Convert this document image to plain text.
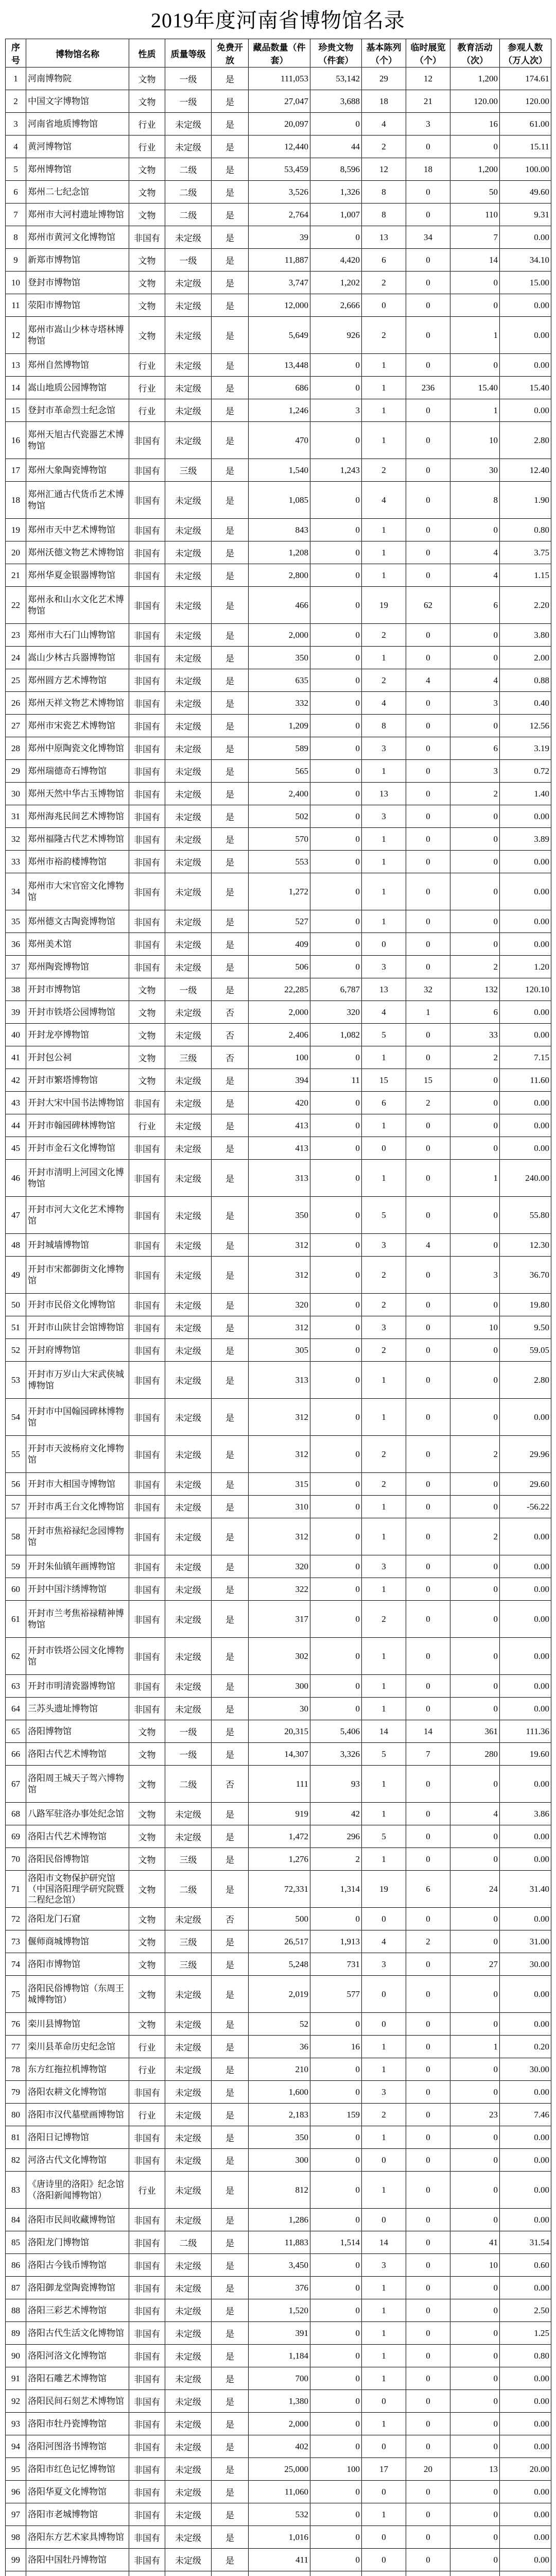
2019年度河南省博物馆名录
序号	博物馆名称	性质	质量等级	免费开放	藏品数量（件套）	珍贵文物（件套）	基本陈列（个）	临时展览（个）	教育活动（次）	参观人数（万人次）
1	河南博物院	文物	一级	是	111,053	53,142	29	12	1,200	174.61
2	中国文字博物馆	文物	一级	是	27,047	3,688	18	21	120.00	120.00
3	河南省地质博物馆	行业	未定级	是	20,097	0	4	3	16	61.00
4	黄河博物馆	行业	未定级	是	12,440	44	2	0	0	15.11
5	郑州博物馆	文物	二级	是	53,459	8,596	12	18	1,200	100.00
6	郑州二七纪念馆	文物	二级	是	3,526	1,326	8	0	50	49.60
7	郑州市大河村遗址博物馆	文物	二级	是	2,764	1,007	8	0	110	9.31
8	郑州市黄河文化博物馆	非国有	未定级	是	39	0	13	34	7	0.00
9	新郑市博物馆	文物	一级	是	11,887	4,420	6	0	14	34.10
10	登封市博物馆	文物	未定级	是	3,747	1,202	2	0	0	15.00
11	荥阳市博物馆	文物	未定级	是	12,000	2,666	0	0	0	0.00
12	郑州市嵩山少林寺塔林博物馆	文物	未定级	是	5,649	926	2	0	1	0.00
13	郑州自然博物馆	行业	未定级	是	13,448	0	1	0	0	0.00
14	嵩山地质公园博物馆	行业	未定级	是	686	0	1	236	15.40	15.40
15	登封市革命烈士纪念馆	行业	未定级	是	1,246	3	1	0	1	0.00
16	郑州天旭古代瓷器艺术博物馆	非国有	未定级	是	470	0	1	0	10	2.80
17	郑州大象陶瓷博物馆	非国有	三级	是	1,540	1,243	2	0	30	12.40
18	郑州汇通古代货币艺术博物馆	非国有	未定级	是	1,085	0	4	0	8	1.90
19	郑州市天中艺术博物馆	非国有	未定级	是	843	0	1	0	0	0.80
20	郑州沃德文物艺术博物馆	非国有	未定级	是	1,208	0	1	0	4	3.75
21	郑州华夏金银器博物馆	非国有	未定级	是	2,800	0	1	0	4	1.15
22	郑州永和山水文化艺术博物馆	非国有	未定级	是	466	0	19	62	6	2.20
23	郑州市大石门山博物馆	非国有	未定级	是	2,000	0	2	0	0	3.80
24	嵩山少林古兵器博物馆	非国有	未定级	是	350	0	1	0	0	2.00
25	郑州圆方艺术博物馆	非国有	未定级	是	635	0	2	4	4	0.88
26	郑州天祥文物艺术博物馆	非国有	未定级	是	332	0	4	0	3	0.40
27	郑州市宋瓷艺术博物馆	非国有	未定级	是	1,209	0	8	0	0	12.56
28	郑州中原陶瓷文化博物馆	非国有	未定级	是	589	0	3	0	6	3.19
29	郑州瑞德奇石博物馆	非国有	未定级	是	565	0	1	0	3	0.72
30	郑州天然中华古玉博物馆	非国有	未定级	是	2,400	0	13	0	2	1.40
31	郑州海兆民间艺术博物馆	非国有	未定级	是	502	0	3	0	0	0.00
32	郑州福隆古代艺术博物馆	非国有	未定级	是	570	0	1	0	0	3.89
33	郑州市裕韵楼博物馆	非国有	未定级	是	553	0	1	0	0	0.00
34	郑州市大宋官窑文化博物馆	非国有	未定级	是	1,272	0	1	0	0	0.00
35	郑州德文古陶瓷博物馆	非国有	未定级	是	527	0	1	0	0	0.00
36	郑州美术馆	非国有	未定级	是	409	0	0	0	0	0.00
37	郑州陶瓷博物馆	非国有	未定级	是	506	0	3	0	2	1.20
38	开封市博物馆	文物	一级	是	22,285	6,787	13	32	132	120.10
39	开封市铁塔公园博物馆	文物	未定级	否	2,000	320	4	1	6	0.00
40	开封龙亭博物馆	文物	未定级	否	2,406	1,082	5	0	33	0.00
41	开封包公祠	文物	三级	否	100	0	1	0	2	7.15
42	开封市繁塔博物馆	文物	未定级	是	394	11	15	15	0	11.60
43	开封大宋中国书法博物馆	非国有	未定级	是	420	0	6	2	0	0.00
44	开封市翰园碑林博物馆	行业	未定级	是	413	0	1	0	0	0.00
45	开封市金石文化博物馆	非国有	未定级	是	413	0	0	0	0	0.00
46	开封市清明上河园文化博物馆	非国有	未定级	是	313	0	1	0	1	240.00
47	开封市河大文化艺术博物馆	非国有	未定级	是	350	0	5	0	0	55.80
48	开封城墙博物馆	非国有	未定级	是	312	0	3	4	0	12.30
49	开封市宋都御街文化博物馆	非国有	未定级	是	312	0	2	0	3	36.70
50	开封市民俗文化博物馆	非国有	未定级	是	320	0	2	0	0	19.80
51	开封市山陕甘会馆博物馆	非国有	未定级	是	312	0	3	0	10	9.50
52	开封府博物馆	非国有	未定级	是	305	0	2	0	0	59.05
53	开封市万岁山大宋武侠城博物馆	非国有	未定级	是	313	0	1	0	0	2.80
54	开封市中国翰园碑林博物馆	非国有	未定级	是	312	0	1	0	0	0.00
55	开封市天波杨府文化博物馆	非国有	未定级	是	312	0	2	0	2	29.96
56	开封市大相国寺博物馆	非国有	未定级	是	315	0	2	0	0	29.60
57	开封市禹王台文化博物馆	非国有	未定级	是	310	0	1	0	0	-56.22
58	开封市焦裕禄纪念园博物馆	非国有	未定级	是	312	0	1	0	2	0.00
59	开封朱仙镇年画博物馆	非国有	未定级	是	320	0	3	0	0	0.00
60	开封中国汴绣博物馆	非国有	未定级	是	322	0	1	0	0	0.00
61	开封市兰考焦裕禄精神博物馆	非国有	未定级	是	317	0	2	0	0	0.00
62	开封市铁塔公园文化博物馆	非国有	未定级	是	302	0	1	0	0	0.00
63	开封市明清瓷器博物馆	非国有	未定级	是	300	0	1	0	0	0.00
64	三苏头遗址博物馆	非国有	未定级	是	30	0	1	0	0	0.00
65	洛阳博物馆	文物	一级	是	20,315	5,406	14	14	361	111.36
66	洛阳古代艺术博物馆	文物	一级	是	14,307	3,326	5	7	280	19.60
67	洛阳周王城天子驾六博物馆	文物	二级	否	111	93	1	0	0	0.00
68	八路军驻洛办事处纪念馆	文物	未定级	是	919	42	1	0	4	3.86
69	洛阳古代艺术博物馆	文物	未定级	是	1,472	296	5	0	0	0.00
70	洛阳民俗博物馆	文物	三级	是	1,276	2	1	0	0	0.00
71	洛阳市文物保护研究馆（中国洛阳理学研究院暨二程纪念馆）	文物	二级	是	72,331	1,314	19	6	24	31.40
72	洛阳龙门石窟	文物	未定级	否	500	0	0	0	0	0.00
73	偃师商城博物馆	文物	三级	是	26,517	1,913	4	2	0	31.00
74	洛阳市博物馆	文物	三级	是	5,248	731	3	0	27	30.00
75	洛阳民俗博物馆（东周王城博物馆）	文物	未定级	是	2,019	577	0	0	0	0.00
76	栾川县博物馆	文物	未定级	是	52	0	0	0	0	0.00
77	栾川县革命历史纪念馆	行业	未定级	是	36	16	1	0	1	0.20
78	东方红拖拉机博物馆	行业	未定级	是	210	0	1	0	0	30.00
79	洛阳农耕文化博物馆	非国有	未定级	是	1,600	0	3	0	0	0.00
80	洛阳市汉代墓壁画博物馆	行业	未定级	是	2,183	159	2	0	23	7.46
81	洛阳日记博物馆	非国有	未定级	是	350	0	1	0	0	0.00
82	河洛古代文化博物馆	非国有	未定级	是	300	0	0	0	0	0.00
83	《唐诗里的洛阳》纪念馆（洛阳新闻博物馆）	行业	未定级	是	812	0	1	0	0	0.00
84	洛阳市民间收藏博物馆	非国有	未定级	是	1,286	0	0	0	0	0.00
85	洛阳龙门博物馆	非国有	二级	是	11,883	1,514	14	0	41	31.54
86	洛阳古今钱币博物馆	非国有	未定级	是	3,450	0	3	0	10	0.60
87	洛阳御龙堂陶瓷博物馆	非国有	未定级	是	376	0	1	0	0	0.00
88	洛阳三彩艺术博物馆	非国有	未定级	是	1,520	0	1	0	0	2.50
89	洛阳古代生活文化博物馆	非国有	未定级	是	391	0	1	0	0	1.25
90	洛阳河洛文化博物馆	非国有	未定级	是	1,184	0	1	0	0	0.80
91	洛阳石雕艺术博物馆	非国有	未定级	是	700	0	1	0	0	0.00
92	洛阳民间石刻艺术博物馆	非国有	未定级	是	1,380	0	0	0	0	0.00
93	洛阳市牡丹瓷博物馆	非国有	未定级	是	2,000	0	1	0	0	0.00
94	洛阳河图洛书博物馆	非国有	未定级	是	402	0	0	0	0	0.00
95	洛阳市红色记忆博物馆	非国有	未定级	是	25,000	100	17	20	13	20.00
96	洛阳华夏文化博物馆	非国有	未定级	是	11,060	0	0	0	0	0.00
97	洛阳市老城博物馆	非国有	未定级	是	532	0	1	0	0	0.00
98	洛阳东方艺术家具博物馆	非国有	未定级	是	1,016	0	0	0	0	0.00
99	洛阳中国牡丹博物馆	非国有	未定级	是	411	0	0	0	0	0.00
